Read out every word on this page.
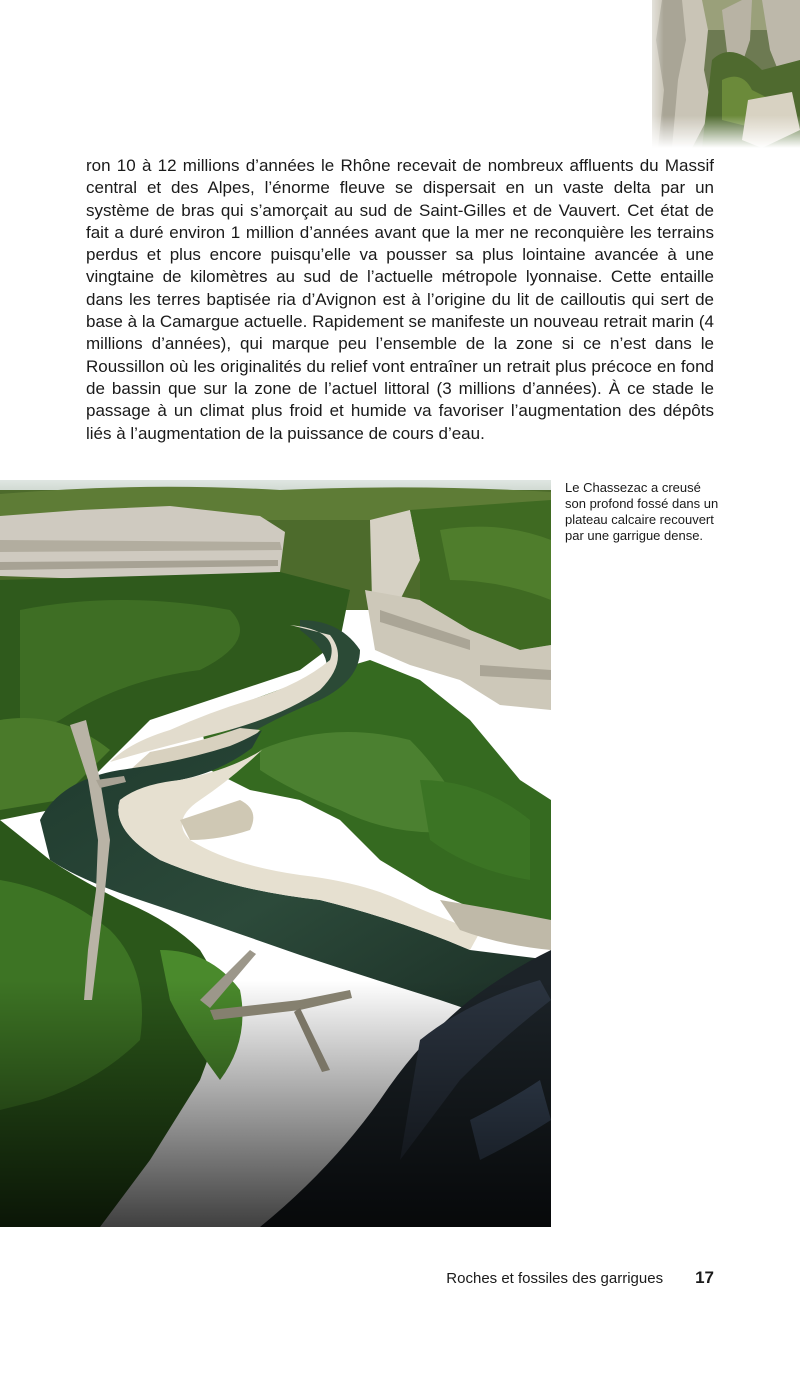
ron 10 à 12 millions d’années le Rhône recevait de nombreux affluents du Massif central et des Alpes, l’énorme fleuve se dispersait en un vaste delta par un système de bras qui s’amorçait au sud de Saint-Gilles et de Vauvert. Cet état de fait a duré environ 1 million d’années avant que la mer ne reconquière les terrains perdus et plus encore puisqu’elle va pousser sa plus lointaine avancée à une vingtaine de kilomètres au sud de l’actuelle métropole lyonnaise. Cette entaille dans les terres baptisée ria d’Avignon est à l’origine du lit de cailloutis qui sert de base à la Camargue actuelle. Rapidement se manifeste un nouveau retrait marin (4 millions d’années), qui marque peu l’ensemble de la zone si ce n’est dans le Roussillon où les originalités du relief vont entraîner un retrait plus précoce en fond de bassin que sur la zone de l’actuel littoral (3 millions d’années). À ce stade le passage à un climat plus froid et humide va favoriser l’augmentation des dépôts liés à l’augmentation de la puissance de cours d’eau.

Le Chassezac a creusé son profond fossé dans un plateau calcaire recouvert par une garrigue dense.

Roches et fossiles des garrigues 17
